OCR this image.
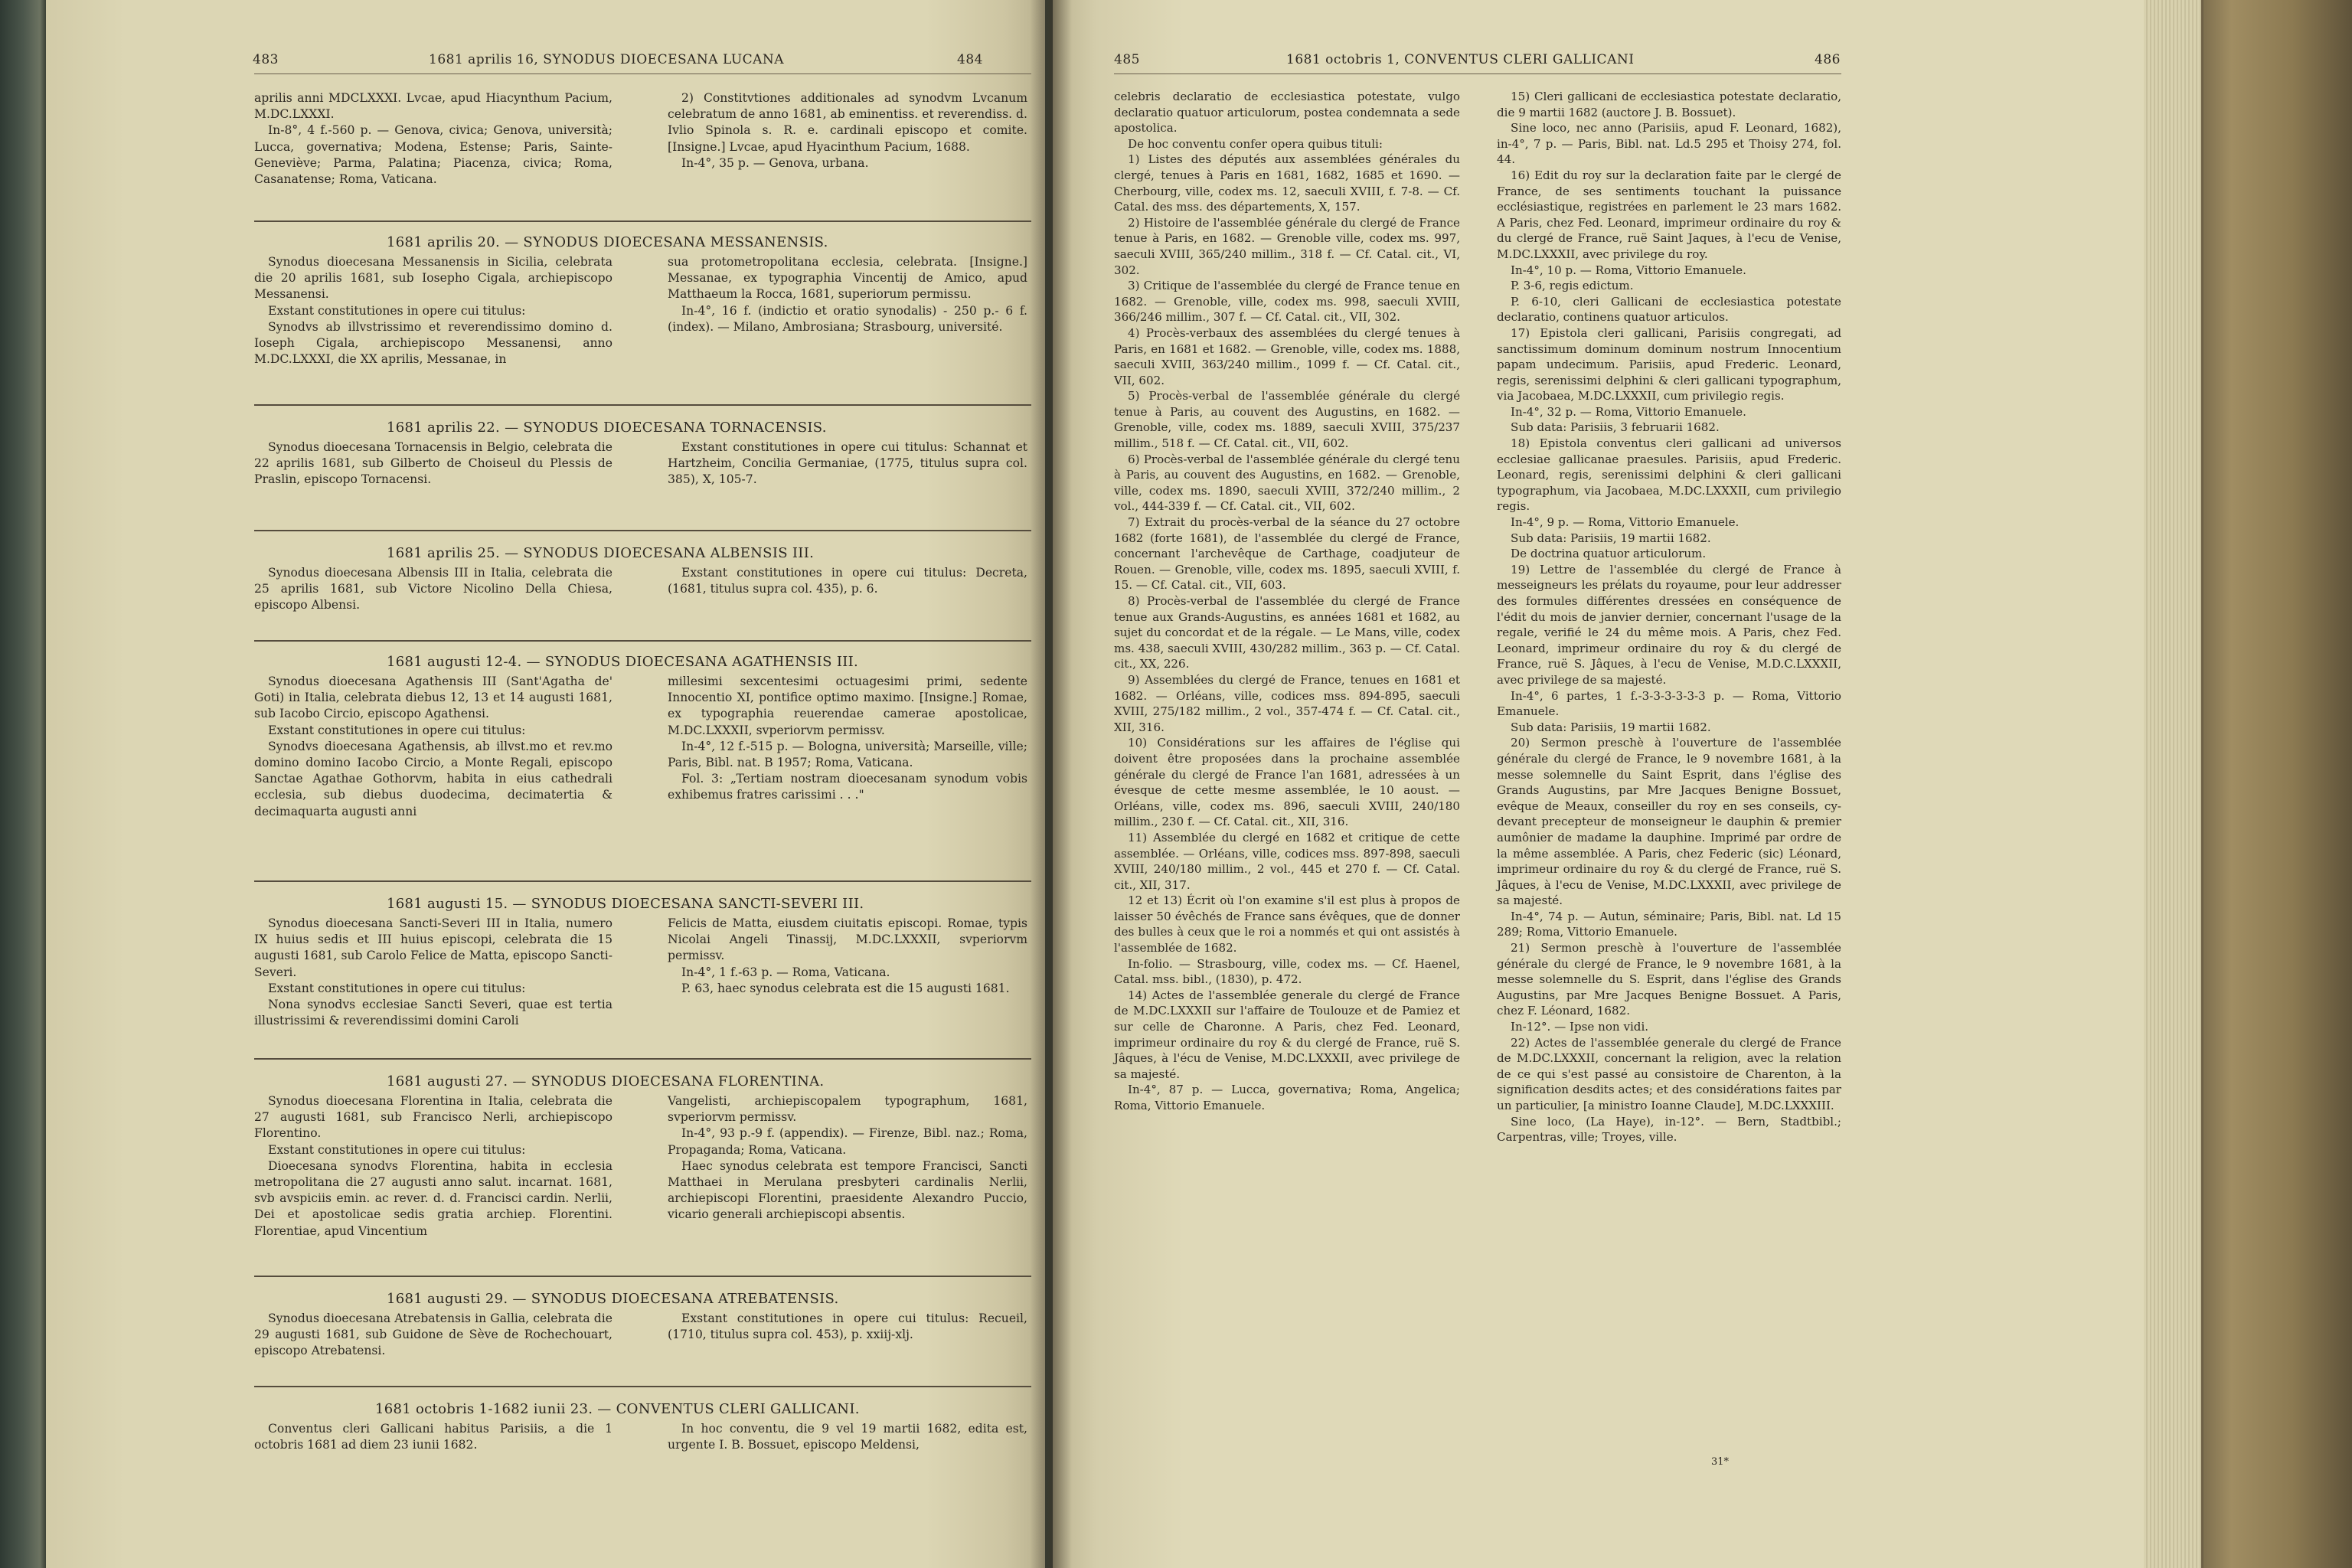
483	1681 aprilis 16, SYNODUS DIOECESANA LUCANA	484

aprilis anni MDCLXXXI. Lvcae, apud Hiacynthum Pacium, M.DC.LXXXI.

In-8°, 4 f.-560 p. — Genova, civica; Genova, università; Lucca, governativa; Modena, Estense; Paris, Sainte-Geneviève; Parma, Palatina; Piacenza, civica; Roma, Casanatense; Roma, Vaticana.

2) Constitvtiones additionales ad synodvm Lvcanum celebratum de anno 1681, ab eminentiss. et reverendiss. d. Ivlio Spinola s. R. e. cardinali episcopo et comite. [Insigne.] Lvcae, apud Hyacinthum Pacium, 1688.

In-4°, 35 p. — Genova, urbana.

1681 aprilis 20. — SYNODUS DIOECESANA MESSANENSIS.

Synodus dioecesana Messanensis in Sicilia, celebrata die 20 aprilis 1681, sub Iosepho Cigala, archiepiscopo Messanensi.

Exstant constitutiones in opere cui titulus:

Synodvs ab illvstrissimo et reverendissimo domino d. Ioseph Cigala, archiepiscopo Messanensi, anno M.DC.LXXXI, die XX aprilis, Messanae, in

sua protometropolitana ecclesia, celebrata. [Insigne.] Messanae, ex typographia Vincentij de Amico, apud Matthaeum la Rocca, 1681, superiorum permissu.

In-4°, 16 f. (indictio et oratio synodalis) - 250 p.- 6 f. (index). — Milano, Ambrosiana; Strasbourg, université.

1681 aprilis 22. — SYNODUS DIOECESANA TORNACENSIS.

Synodus dioecesana Tornacensis in Belgio, celebrata die 22 aprilis 1681, sub Gilberto de Choiseul du Plessis de Praslin, episcopo Tornacensi.

Exstant constitutiones in opere cui titulus: Schannat et Hartzheim, Concilia Germaniae, (1775, titulus supra col. 385), X, 105-7.

1681 aprilis 25. — SYNODUS DIOECESANA ALBENSIS III.

Synodus dioecesana Albensis III in Italia, celebrata die 25 aprilis 1681, sub Victore Nicolino Della Chiesa, episcopo Albensi.

Exstant constitutiones in opere cui titulus: Decreta, (1681, titulus supra col. 435), p. 6.

1681 augusti 12-4. — SYNODUS DIOECESANA AGATHENSIS III.

Synodus dioecesana Agathensis III (Sant'Agatha de' Goti) in Italia, celebrata diebus 12, 13 et 14 augusti 1681, sub Iacobo Circio, episcopo Agathensi.

Exstant constitutiones in opere cui titulus:

Synodvs dioecesana Agathensis, ab illvst.mo et rev.mo domino domino Iacobo Circio, a Monte Regali, episcopo Sanctae Agathae Gothorvm, habita in eius cathedrali ecclesia, sub diebus duodecima, decimatertia & decimaquarta augusti anni

millesimi sexcentesimi octuagesimi primi, sedente Innocentio XI, pontifice optimo maximo. [Insigne.] Romae, ex typographia reuerendae camerae apostolicae, M.DC.LXXXII, svperiorvm permissv.

In-4°, 12 f.-515 p. — Bologna, università; Marseille, ville; Paris, Bibl. nat. B 1957; Roma, Vaticana.

Fol. 3: „Tertiam nostram dioecesanam synodum vobis exhibemus fratres carissimi . . ."

1681 augusti 15. — SYNODUS DIOECESANA SANCTI-SEVERI III.

Synodus dioecesana Sancti-Severi III in Italia, numero IX huius sedis et III huius episcopi, celebrata die 15 augusti 1681, sub Carolo Felice de Matta, episcopo Sancti-Severi.

Exstant constitutiones in opere cui titulus:

Nona synodvs ecclesiae Sancti Severi, quae est tertia illustrissimi & reverendissimi domini Caroli

Felicis de Matta, eiusdem ciuitatis episcopi. Romae, typis Nicolai Angeli Tinassij, M.DC.LXXXII, svperiorvm permissv.

In-4°, 1 f.-63 p. — Roma, Vaticana.

P. 63, haec synodus celebrata est die 15 augusti 1681.

1681 augusti 27. — SYNODUS DIOECESANA FLORENTINA.

Synodus dioecesana Florentina in Italia, celebrata die 27 augusti 1681, sub Francisco Nerli, archiepiscopo Florentino.

Exstant constitutiones in opere cui titulus:

Dioecesana synodvs Florentina, habita in ecclesia metropolitana die 27 augusti anno salut. incarnat. 1681, svb avspiciis emin. ac rever. d. d. Francisci cardin. Nerlii, Dei et apostolicae sedis gratia archiep. Florentini. Florentiae, apud Vincentium

Vangelisti, archiepiscopalem typographum, 1681, svperiorvm permissv.

In-4°, 93 p.-9 f. (appendix). — Firenze, Bibl. naz.; Roma, Propaganda; Roma, Vaticana.

Haec synodus celebrata est tempore Francisci, Sancti Matthaei in Merulana presbyteri cardinalis Nerlii, archiepiscopi Florentini, praesidente Alexandro Puccio, vicario generali archiepiscopi absentis.

1681 augusti 29. — SYNODUS DIOECESANA ATREBATENSIS.

Synodus dioecesana Atrebatensis in Gallia, celebrata die 29 augusti 1681, sub Guidone de Sève de Rochechouart, episcopo Atrebatensi.

Exstant constitutiones in opere cui titulus: Recueil, (1710, titulus supra col. 453), p. xxiij-xlj.

1681 octobris 1-1682 iunii 23. — CONVENTUS CLERI GALLICANI.

Conventus cleri Gallicani habitus Parisiis, a die 1 octobris 1681 ad diem 23 iunii 1682.

In hoc conventu, die 9 vel 19 martii 1682, edita est, urgente I. B. Bossuet, episcopo Meldensi,

485	1681 octobris 1, CONVENTUS CLERI GALLICANI	486

celebris declaratio de ecclesiastica potestate, vulgo declaratio quatuor articulorum, postea condemnata a sede apostolica.

De hoc conventu confer opera quibus tituli:

1) Listes des députés aux assemblées générales du clergé, tenues à Paris en 1681, 1682, 1685 et 1690. — Cherbourg, ville, codex ms. 12, saeculi XVIII, f. 7-8. — Cf. Catal. des mss. des départements, X, 157.

2) Histoire de l'assemblée générale du clergé de France tenue à Paris, en 1682. — Grenoble ville, codex ms. 997, saeculi XVIII, 365/240 millim., 318 f. — Cf. Catal. cit., VI, 302.

3) Critique de l'assemblée du clergé de France tenue en 1682. — Grenoble, ville, codex ms. 998, saeculi XVIII, 366/246 millim., 307 f. — Cf. Catal. cit., VII, 302.

4) Procès-verbaux des assemblées du clergé tenues à Paris, en 1681 et 1682. — Grenoble, ville, codex ms. 1888, saeculi XVIII, 363/240 millim., 1099 f. — Cf. Catal. cit., VII, 602.

5) Procès-verbal de l'assemblée générale du clergé tenue à Paris, au couvent des Augustins, en 1682. — Grenoble, ville, codex ms. 1889, saeculi XVIII, 375/237 millim., 518 f. — Cf. Catal. cit., VII, 602.

6) Procès-verbal de l'assemblée générale du clergé tenu à Paris, au couvent des Augustins, en 1682. — Grenoble, ville, codex ms. 1890, saeculi XVIII, 372/240 millim., 2 vol., 444-339 f. — Cf. Catal. cit., VII, 602.

7) Extrait du procès-verbal de la séance du 27 octobre 1682 (forte 1681), de l'assemblée du clergé de France, concernant l'archevêque de Carthage, coadjuteur de Rouen. — Grenoble, ville, codex ms. 1895, saeculi XVIII, f. 15. — Cf. Catal. cit., VII, 603.

8) Procès-verbal de l'assemblée du clergé de France tenue aux Grands-Augustins, es années 1681 et 1682, au sujet du concordat et de la régale. — Le Mans, ville, codex ms. 438, saeculi XVIII, 430/282 millim., 363 p. — Cf. Catal. cit., XX, 226.

9) Assemblées du clergé de France, tenues en 1681 et 1682. — Orléans, ville, codices mss. 894-895, saeculi XVIII, 275/182 millim., 2 vol., 357-474 f. — Cf. Catal. cit., XII, 316.

10) Considérations sur les affaires de l'église qui doivent être proposées dans la prochaine assemblée générale du clergé de France l'an 1681, adressées à un évesque de cette mesme assemblée, le 10 aoust. — Orléans, ville, codex ms. 896, saeculi XVIII, 240/180 millim., 230 f. — Cf. Catal. cit., XII, 316.

11) Assemblée du clergé en 1682 et critique de cette assemblée. — Orléans, ville, codices mss. 897-898, saeculi XVIII, 240/180 millim., 2 vol., 445 et 270 f. — Cf. Catal. cit., XII, 317.

12 et 13) Écrit où l'on examine s'il est plus à propos de laisser 50 évêchés de France sans évêques, que de donner des bulles à ceux que le roi a nommés et qui ont assistés à l'assemblée de 1682.

In-folio. — Strasbourg, ville, codex ms. — Cf. Haenel, Catal. mss. bibl., (1830), p. 472.

14) Actes de l'assemblée generale du clergé de France de M.DC.LXXXII sur l'affaire de Toulouze et de Pamiez et sur celle de Charonne. A Paris, chez Fed. Leonard, imprimeur ordinaire du roy & du clergé de France, ruë S. Jâques, à l'écu de Venise, M.DC.LXXXII, avec privilege de sa majesté.

In-4°, 87 p. — Lucca, governativa; Roma, Angelica; Roma, Vittorio Emanuele.

15) Cleri gallicani de ecclesiastica potestate declaratio, die 9 martii 1682 (auctore J. B. Bossuet).

Sine loco, nec anno (Parisiis, apud F. Leonard, 1682), in-4°, 7 p. — Paris, Bibl. nat. Ld.5 295 et Thoisy 274, fol. 44.

16) Edit du roy sur la declaration faite par le clergé de France, de ses sentiments touchant la puissance ecclésiastique, registrées en parlement le 23 mars 1682. A Paris, chez Fed. Leonard, imprimeur ordinaire du roy & du clergé de France, ruë Saint Jaques, à l'ecu de Venise, M.DC.LXXXII, avec privilege du roy.

In-4°, 10 p. — Roma, Vittorio Emanuele.

P. 3-6, regis edictum.

P. 6-10, cleri Gallicani de ecclesiastica potestate declaratio, continens quatuor articulos.

17) Epistola cleri gallicani, Parisiis congregati, ad sanctissimum dominum dominum nostrum Innocentium papam undecimum. Parisiis, apud Frederic. Leonard, regis, serenissimi delphini & cleri gallicani typographum, via Jacobaea, M.DC.LXXXII, cum privilegio regis.

In-4°, 32 p. — Roma, Vittorio Emanuele.

Sub data: Parisiis, 3 februarii 1682.

18) Epistola conventus cleri gallicani ad universos ecclesiae gallicanae praesules. Parisiis, apud Frederic. Leonard, regis, serenissimi delphini & cleri gallicani typographum, via Jacobaea, M.DC.LXXXII, cum privilegio regis.

In-4°, 9 p. — Roma, Vittorio Emanuele.

Sub data: Parisiis, 19 martii 1682.

De doctrina quatuor articulorum.

19) Lettre de l'assemblée du clergé de France à messeigneurs les prélats du royaume, pour leur addresser des formules différentes dressées en conséquence de l'édit du mois de janvier dernier, concernant l'usage de la regale, verifié le 24 du même mois. A Paris, chez Fed. Leonard, imprimeur ordinaire du roy & du clergé de France, ruë S. Jâques, à l'ecu de Venise, M.D.C.LXXXII, avec privilege de sa majesté.

In-4°, 6 partes, 1 f.-3-3-3-3-3-3 p. — Roma, Vittorio Emanuele.

Sub data: Parisiis, 19 martii 1682.

20) Sermon preschè à l'ouverture de l'assemblée générale du clergé de France, le 9 novembre 1681, à la messe solemnelle du Saint Esprit, dans l'église des Grands Augustins, par Mre Jacques Benigne Bossuet, evêque de Meaux, conseiller du roy en ses conseils, cy-devant precepteur de monseigneur le dauphin & premier aumônier de madame la dauphine. Imprimé par ordre de la même assemblée. A Paris, chez Federic (sic) Léonard, imprimeur ordinaire du roy & du clergé de France, ruë S. Jâques, à l'ecu de Venise, M.DC.LXXXII, avec privilege de sa majesté.

In-4°, 74 p. — Autun, séminaire; Paris, Bibl. nat. Ld 15 289; Roma, Vittorio Emanuele.

21) Sermon preschè à l'ouverture de l'assemblée générale du clergé de France, le 9 novembre 1681, à la messe solemnelle du S. Esprit, dans l'église des Grands Augustins, par Mre Jacques Benigne Bossuet. A Paris, chez F. Léonard, 1682.

In-12°. — Ipse non vidi.

22) Actes de l'assemblée generale du clergé de France de M.DC.LXXXII, concernant la religion, avec la relation de ce qui s'est passé au consistoire de Charenton, à la signification desdits actes; et des considérations faites par un particulier, [a ministro Ioanne Claude], M.DC.LXXXIII.

Sine loco, (La Haye), in-12°. — Bern, Stadtbibl.; Carpentras, ville; Troyes, ville.

31*
